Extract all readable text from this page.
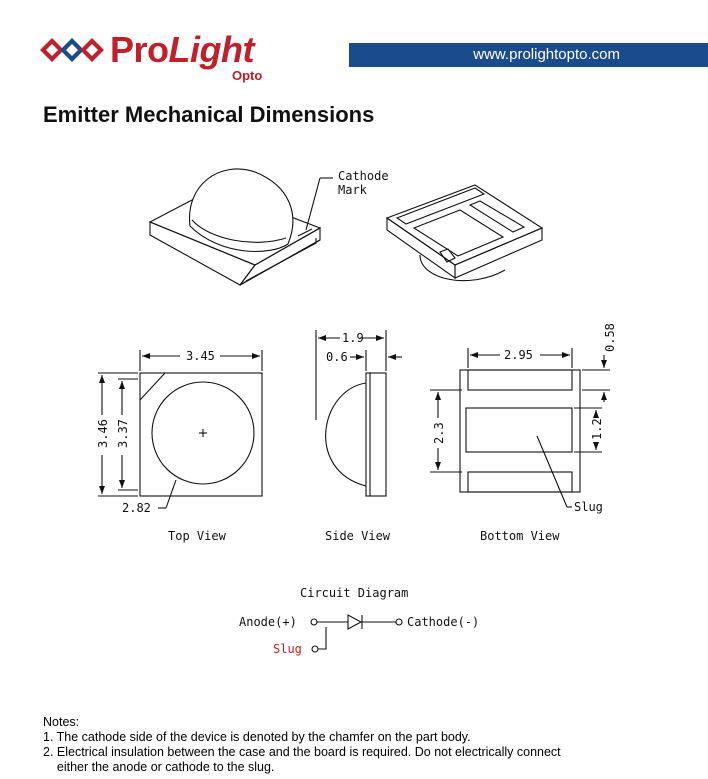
ProLight
Opto
www.prolightopto.com
Emitter Mechanical Dimensions
Cathode
Mark
3.45
3.46 3.37
2.82
Top View
1.9
0.6
Side View
2.95
0.58
2.3	1.2
Slug
Bottom View
Circuit Diagram
Anode(+)	Cathode(-)
Slug
Notes:
1. The cathode side of the device is denoted by the chamfer on the part body.
2. Electrical insulation between the case and the board is required. Do not electrically connect
either the anode or cathode to the slug.
